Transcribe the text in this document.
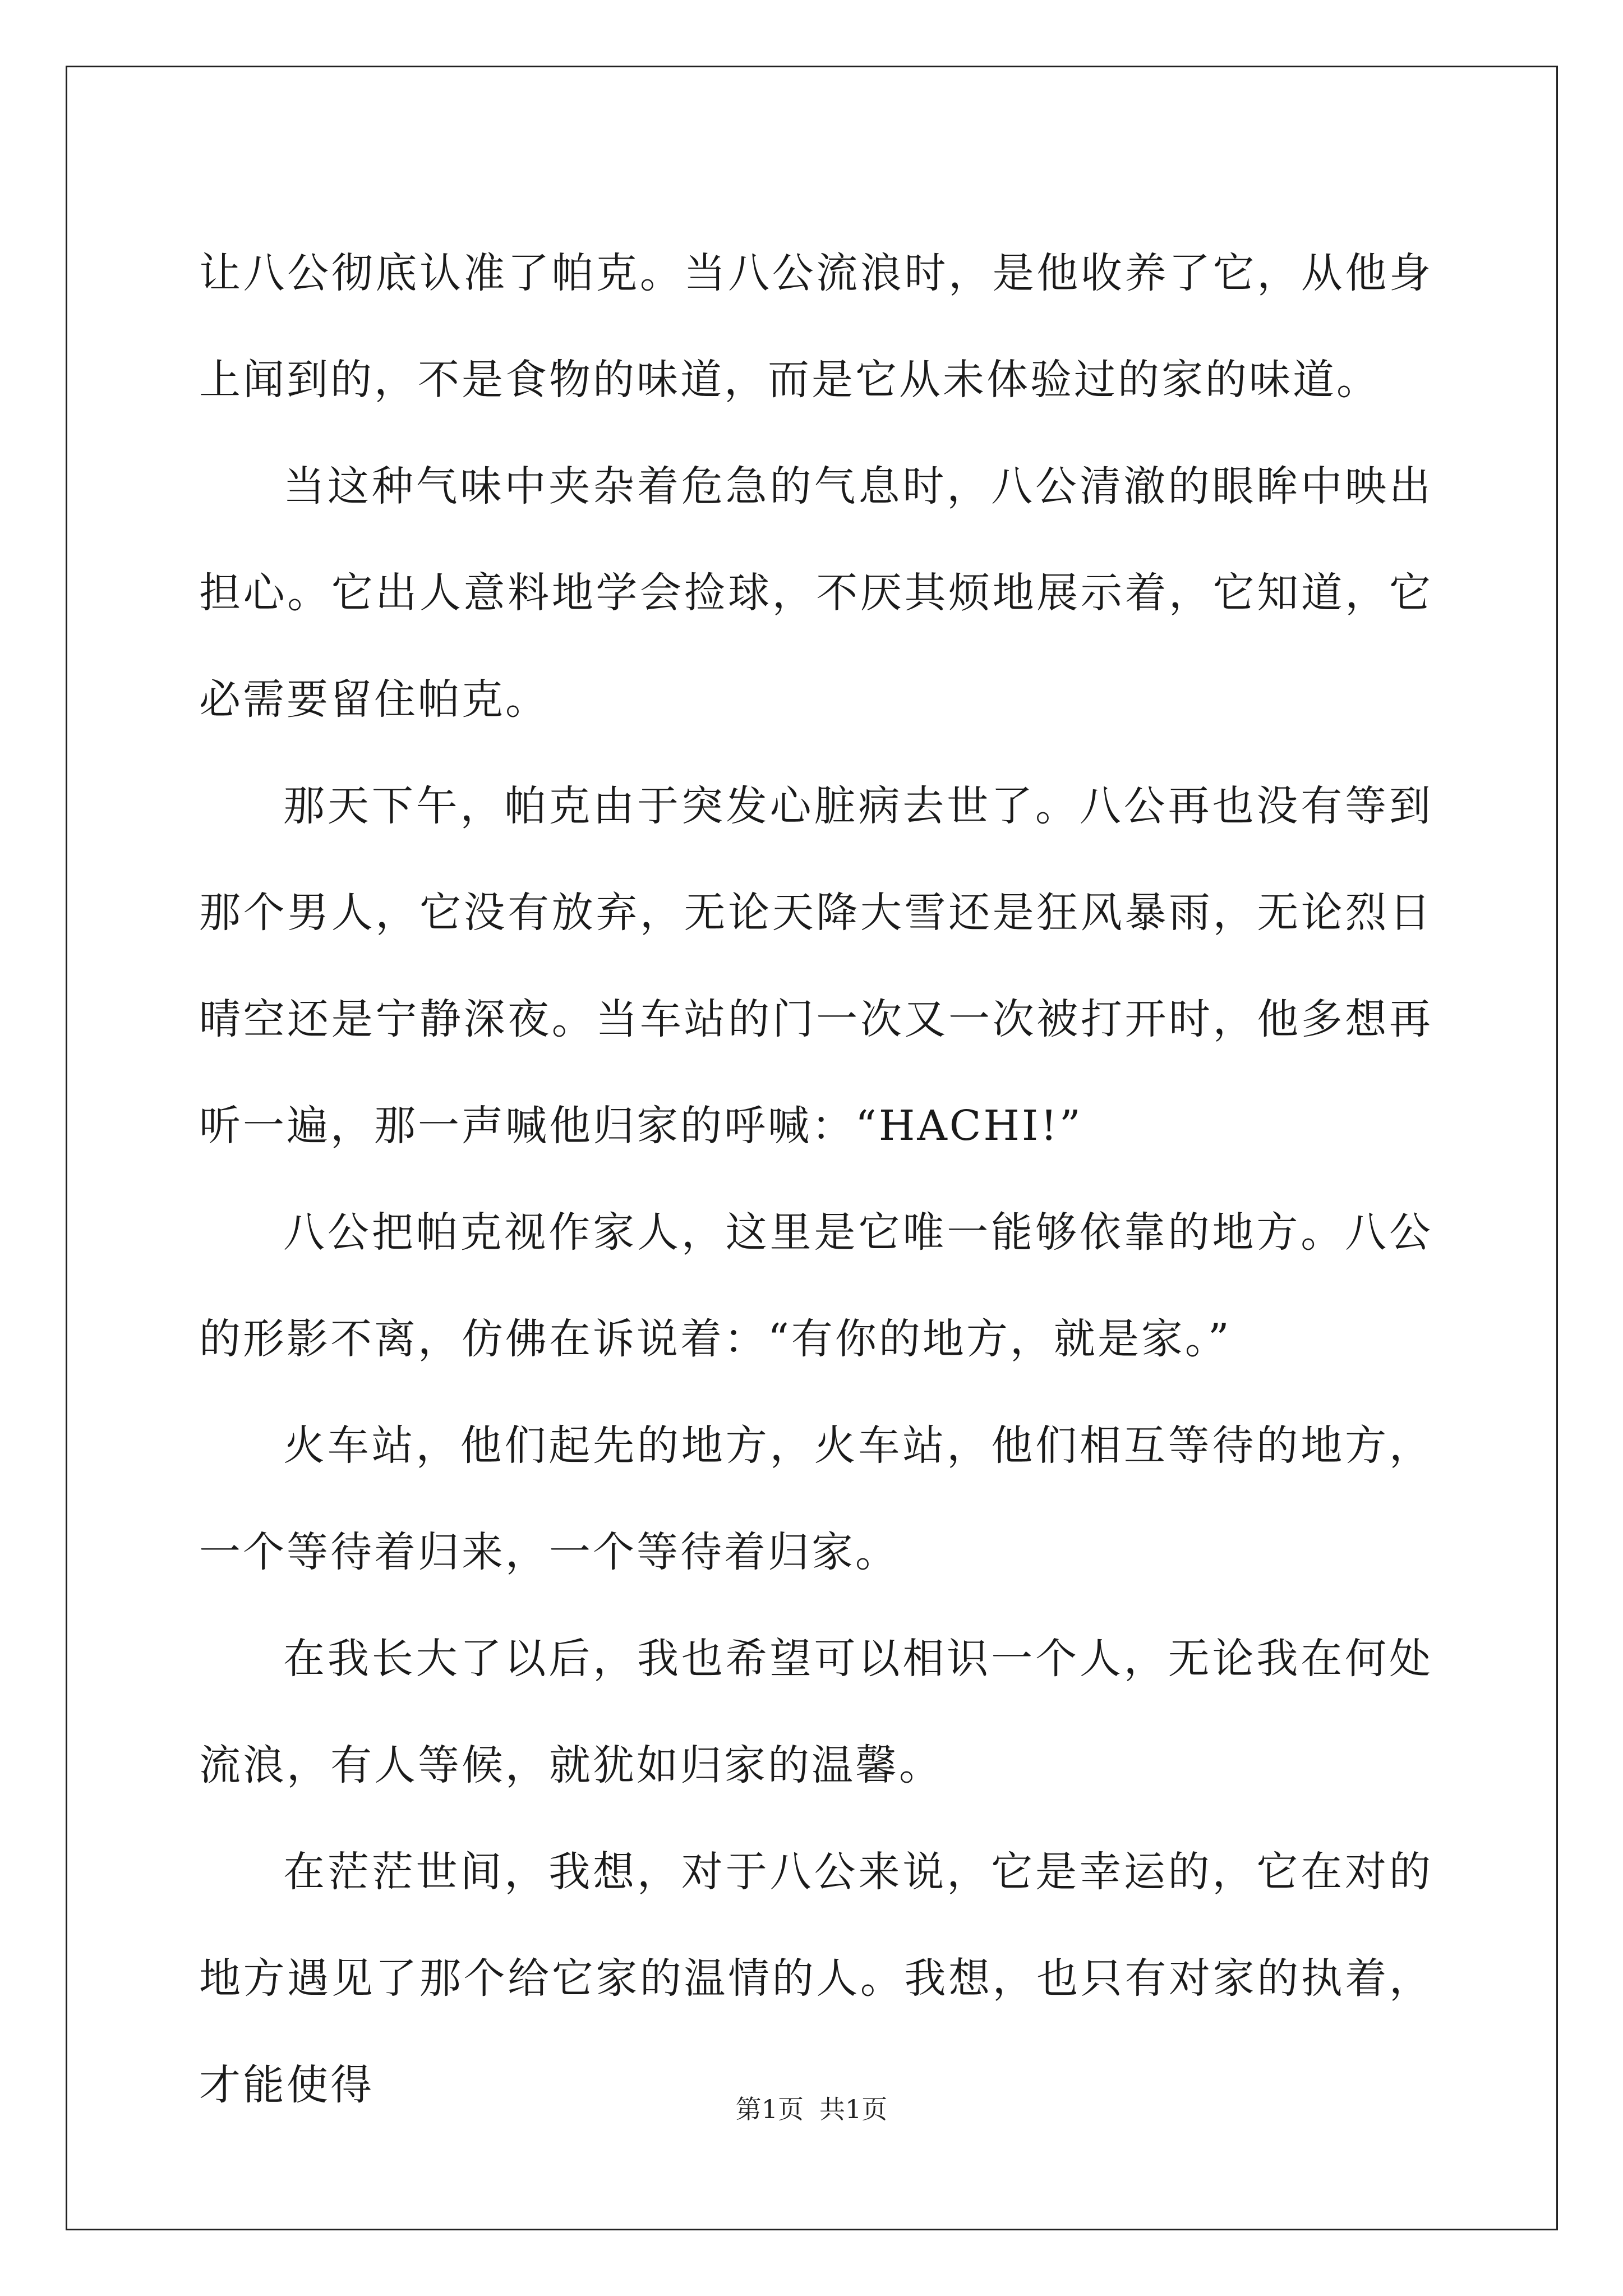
让八公彻底认准了帕克。当八公流浪时，是他收养了它，从他身上闻到的，不是食物的味道，而是它从未体验过的家的味道。

当这种气味中夹杂着危急的气息时，八公清澈的眼眸中映出担心。它出人意料地学会捡球，不厌其烦地展示着，它知道，它必需要留住帕克。

那天下午，帕克由于突发心脏病去世了。八公再也没有等到那个男人，它没有放弃，无论天降大雪还是狂风暴雨，无论烈日晴空还是宁静深夜。当车站的门一次又一次被打开时，他多想再听一遍，那一声喊他归家的呼喊：“HACHI!”

八公把帕克视作家人，这里是它唯一能够依靠的地方。八公的形影不离，仿佛在诉说着：“有你的地方，就是家。”

火车站，他们起先的地方，火车站，他们相互等待的地方，一个等待着归来，一个等待着归家。

在我长大了以后，我也希望可以相识一个人，无论我在何处流浪，有人等候，就犹如归家的温馨。

在茫茫世间，我想，对于八公来说，它是幸运的，它在对的地方遇见了那个给它家的温情的人。我想，也只有对家的执着，才能使得	第1页 共1页
